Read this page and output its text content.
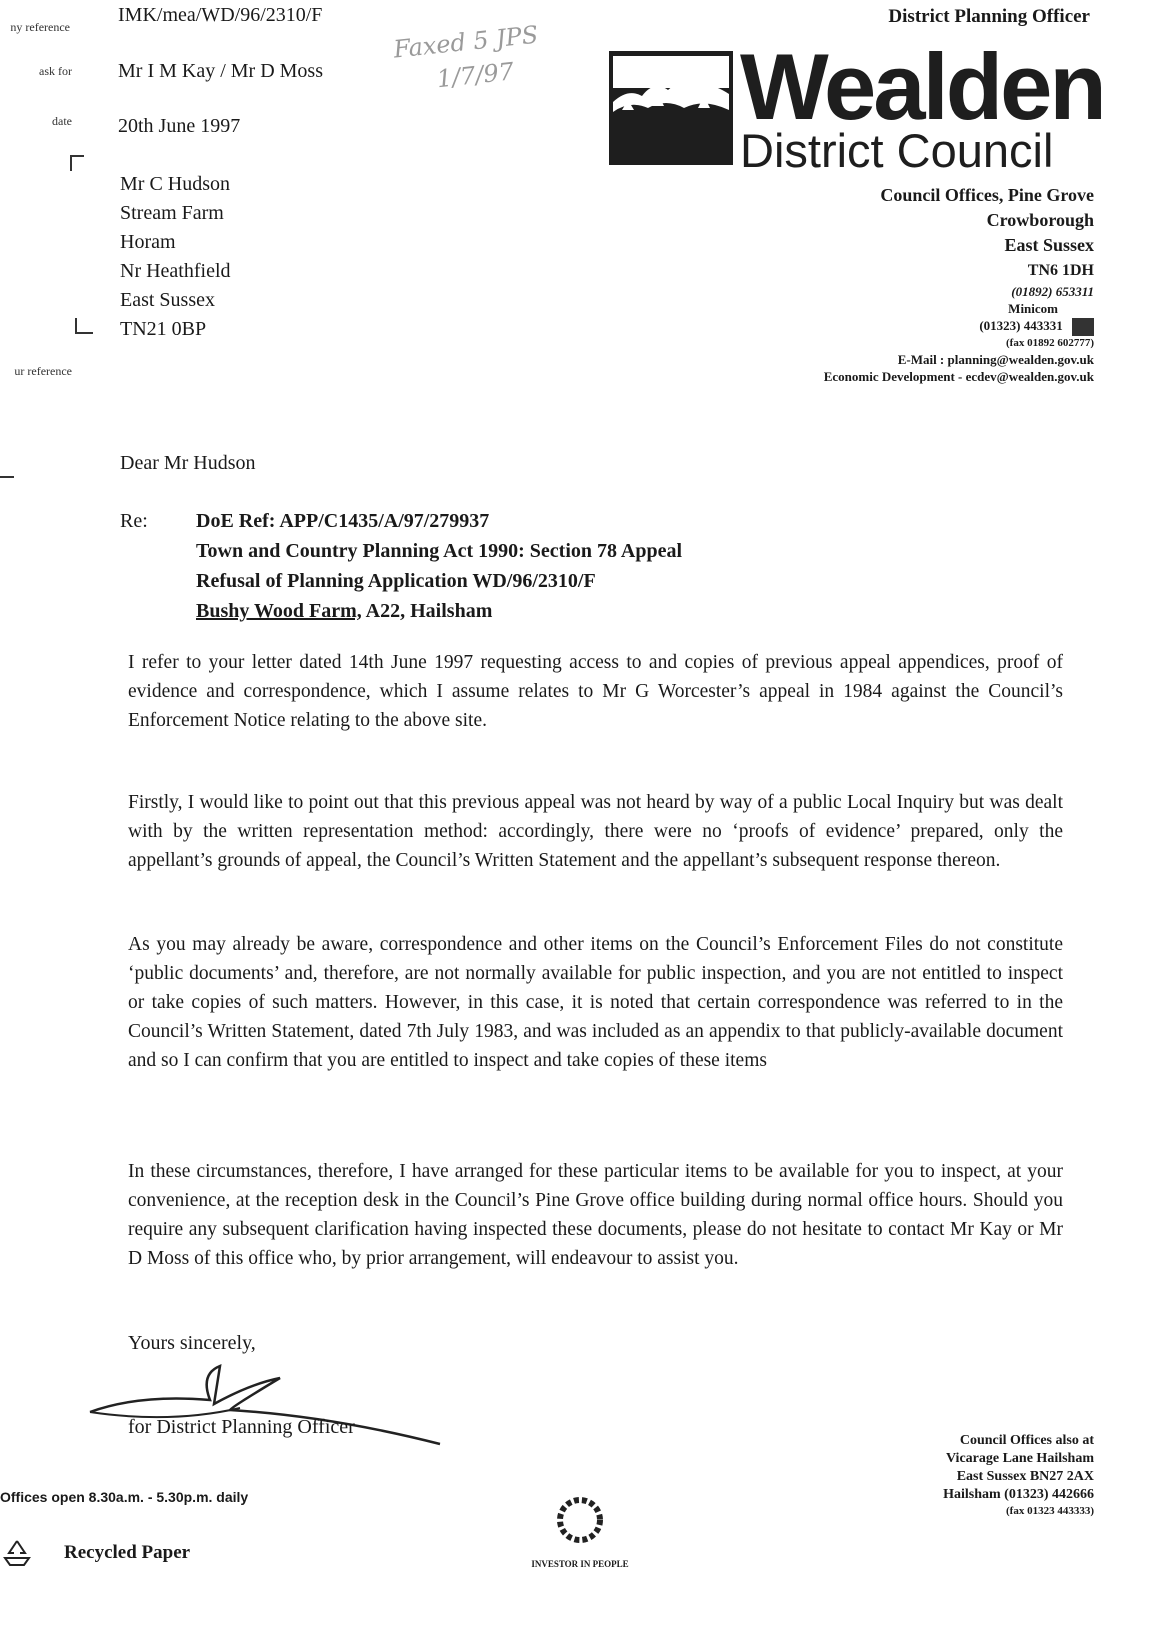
District Planning Officer
ny reference
ask for
date
ur reference
IMK/mea/WD/96/2310/F
Mr I M Kay / Mr D Moss
20th June 1997
Faxed 5 JPS
1/7/97
Mr C Hudson
Stream Farm
Horam
Nr Heathfield
East Sussex
TN21 0BP
Wealden
District Council
Council Offices, Pine Grove
Crowborough
East Sussex
TN6 1DH
(01892) 653311
Minicom
(01323) 443331
(fax 01892 602777)
E-Mail : planning@wealden.gov.uk
Economic Development - ecdev@wealden.gov.uk
Dear Mr Hudson
Re: DoE Ref: APP/C1435/A/97/279937
Town and Country Planning Act 1990: Section 78 Appeal
Refusal of Planning Application WD/96/2310/F
Bushy Wood Farm, A22, Hailsham
I refer to your letter dated 14th June 1997 requesting access to and copies of previous appeal appendices, proof of evidence and correspondence, which I assume relates to Mr G Worcester’s appeal in 1984 against the Council’s Enforcement Notice relating to the above site.
Firstly, I would like to point out that this previous appeal was not heard by way of a public Local Inquiry but was dealt with by the written representation method: accordingly, there were no ‘proofs of evidence’ prepared, only the appellant’s grounds of appeal, the Council’s Written Statement and the appellant’s subsequent response thereon.
As you may already be aware, correspondence and other items on the Council’s Enforcement Files do not constitute ‘public documents’ and, therefore, are not normally available for public inspection, and you are not entitled to inspect or take copies of such matters. However, in this case, it is noted that certain correspondence was referred to in the Council’s Written Statement, dated 7th July 1983, and was included as an appendix to that publicly-available document and so I can confirm that you are entitled to inspect and take copies of these items
In these circumstances, therefore, I have arranged for these particular items to be available for you to inspect, at your convenience, at the reception desk in the Council’s Pine Grove office building during normal office hours. Should you require any subsequent clarification having inspected these documents, please do not hesitate to contact Mr Kay or Mr D Moss of this office who, by prior arrangement, will endeavour to assist you.
Yours sincerely,
for District Planning Officer
Offices open 8.30a.m. - 5.30p.m. daily
Recycled Paper
INVESTOR IN PEOPLE
Council Offices also at
Vicarage Lane Hailsham
East Sussex BN27 2AX
Hailsham (01323) 442666
(fax 01323 443333)
